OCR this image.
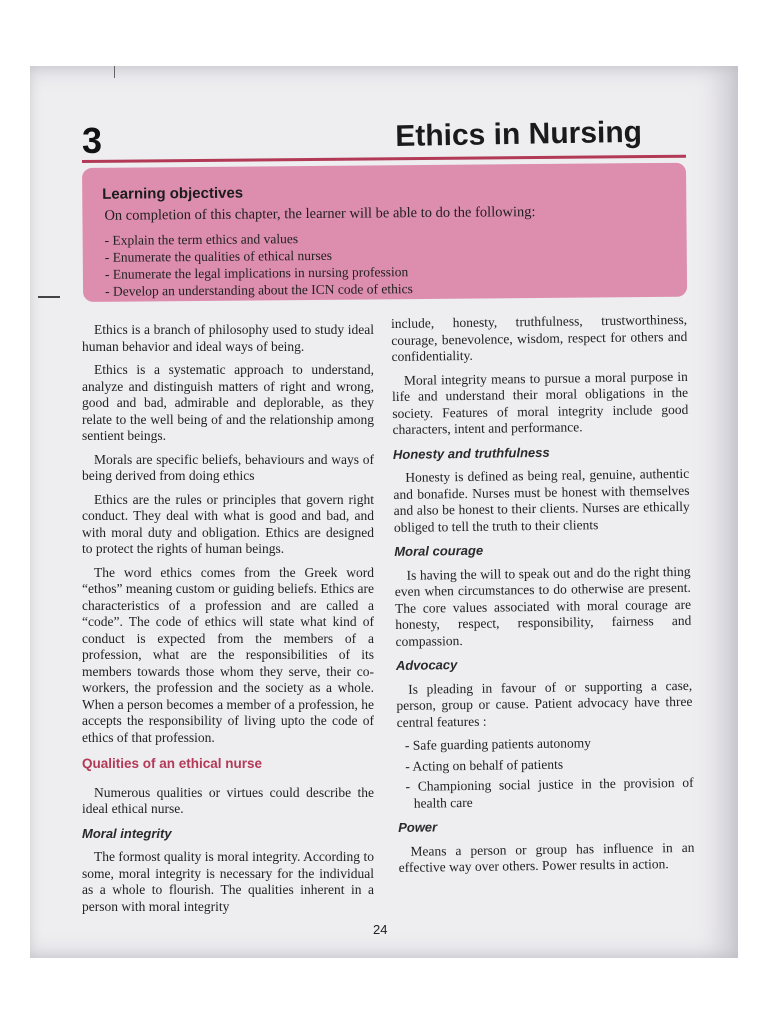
3	Ethics in Nursing
Learning objectives
On completion of this chapter, the learner will be able to do the following:
- Explain the term ethics and values
- Enumerate the qualities of ethical nurses
- Enumerate the legal implications in nursing profession
- Develop an understanding about the ICN code of ethics

Ethics is a branch of philosophy used to study ideal human behavior and ideal ways of being.

Ethics is a systematic approach to understand, analyze and distinguish matters of right and wrong, good and bad, admirable and deplorable, as they relate to the well being of and the relationship among sentient beings.

Morals are specific beliefs, behaviours and ways of being derived from doing ethics

Ethics are the rules or principles that govern right conduct. They deal with what is good and bad, and with moral duty and obligation. Ethics are designed to protect the rights of human beings.

The word ethics comes from the Greek word “ethos” meaning custom or guiding beliefs. Ethics are characteristics of a profession and are called a “code”. The code of ethics will state what kind of conduct is expected from the members of a profession, what are the responsibilities of its members towards those whom they serve, their co-workers, the profession and the society as a whole. When a person becomes a member of a profession, he accepts the responsibility of living upto the code of ethics of that profession.

Qualities of an ethical nurse

Numerous qualities or virtues could describe the ideal ethical nurse.

Moral integrity

The formost quality is moral integrity. According to some, moral integrity is necessary for the individual as a whole to flourish. The qualities inherent in a person with moral integrity

include, honesty, truthfulness, trustworthiness, courage, benevolence, wisdom, respect for others and confidentiality.

Moral integrity means to pursue a moral purpose in life and understand their moral obligations in the society. Features of moral integrity include good characters, intent and performance.

Honesty and truthfulness

Honesty is defined as being real, genuine, authentic and bonafide. Nurses must be honest with themselves and also be honest to their clients. Nurses are ethically obliged to tell the truth to their clients

Moral courage

Is having the will to speak out and do the right thing even when circumstances to do otherwise are present. The core values associated with moral courage are honesty, respect, responsibility, fairness and compassion.

Advocacy

Is pleading in favour of or supporting a case, person, group or cause. Patient advocacy have three central features :

- Safe guarding patients autonomy
- Acting on behalf of patients
- Championing social justice in the provision of health care
Power

Means a person or group has influence in an effective way over others. Power results in action.

24
